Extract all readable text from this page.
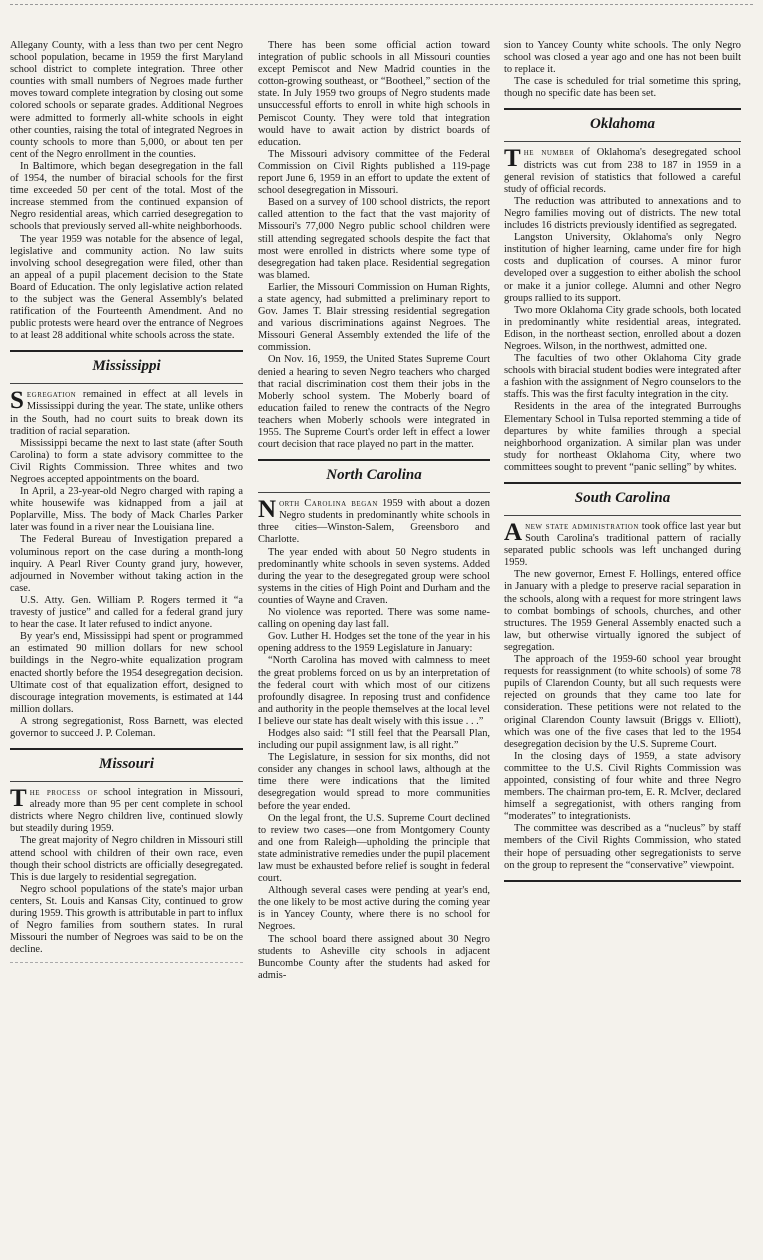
Allegany County, with a less than two per cent Negro school population, became in 1959 the first Maryland school district to complete integration. Three other counties with small numbers of Negroes made further moves toward complete integration by closing out some colored schools or separate grades. Additional Negroes were admitted to formerly all-white schools in eight other counties, raising the total of integrated Negroes in county schools to more than 5,000, or about ten per cent of the Negro enrollment in the counties.

In Baltimore, which began desegregation in the fall of 1954, the number of biracial schools for the first time exceeded 50 per cent of the total. Most of the increase stemmed from the continued expansion of Negro residential areas, which carried desegregation to schools that previously served all-white neighborhoods.

The year 1959 was notable for the absence of legal, legislative and community action. No law suits involving school desegregation were filed, other than an appeal of a pupil placement decision to the State Board of Education. The only legislative action related to the subject was the General Assembly's belated ratification of the Fourteenth Amendment. And no public protests were heard over the entrance of Negroes to at least 28 additional white schools across the state.

Mississippi

Segregation remained in effect at all levels in Mississippi during the year. The state, unlike others in the South, had no court suits to break down its tradition of racial separation.

Mississippi became the next to last state (after South Carolina) to form a state advisory committee to the Civil Rights Commission. Three whites and two Negroes accepted appointments on the board.

In April, a 23-year-old Negro charged with raping a white housewife was kidnapped from a jail at Poplarville, Miss. The body of Mack Charles Parker later was found in a river near the Louisiana line.

The Federal Bureau of Investigation prepared a voluminous report on the case during a month-long inquiry. A Pearl River County grand jury, however, adjourned in November without taking action in the case.

U.S. Atty. Gen. William P. Rogers termed it “a travesty of justice” and called for a federal grand jury to hear the case. It later refused to indict anyone.

By year's end, Mississippi had spent or programmed an estimated 90 million dollars for new school buildings in the Negro-white equalization program enacted shortly before the 1954 desegregation decision. Ultimate cost of that equalization effort, designed to discourage integration movements, is estimated at 144 million dollars.

A strong segregationist, Ross Barnett, was elected governor to succeed J. P. Coleman.

Missouri

The process of school integration in Missouri, already more than 95 per cent complete in school districts where Negro children live, continued slowly but steadily during 1959.

The great majority of Negro children in Missouri still attend school with children of their own race, even though their school districts are officially desegregated. This is due largely to residential segregation.

Negro school populations of the state's major urban centers, St. Louis and Kansas City, continued to grow during 1959. This growth is attributable in part to influx of Negro families from southern states. In rural Missouri the number of Negroes was said to be on the decline.

There has been some official action toward integration of public schools in all Missouri counties except Pemiscot and New Madrid counties in the cotton-growing southeast, or “Bootheel,” section of the state. In July 1959 two groups of Negro students made unsuccessful efforts to enroll in white high schools in Pemiscot County. They were told that integration would have to await action by district boards of education.

The Missouri advisory committee of the Federal Commission on Civil Rights published a 119-page report June 6, 1959 in an effort to update the extent of school desegregation in Missouri.

Based on a survey of 100 school districts, the report called attention to the fact that the vast majority of Missouri's 77,000 Negro public school children were still attending segregated schools despite the fact that most were enrolled in districts where some type of desegregation had taken place. Residential segregation was blamed.

Earlier, the Missouri Commission on Human Rights, a state agency, had submitted a preliminary report to Gov. James T. Blair stressing residential segregation and various discriminations against Negroes. The Missouri General Assembly extended the life of the commission.

On Nov. 16, 1959, the United States Supreme Court denied a hearing to seven Negro teachers who charged that racial discrimination cost them their jobs in the Moberly school system. The Moberly board of education failed to renew the contracts of the Negro teachers when Moberly schools were integrated in 1955. The Supreme Court's order left in effect a lower court decision that race played no part in the matter.

North Carolina

North Carolina began 1959 with about a dozen Negro students in predominantly white schools in three cities—Winston-Salem, Greensboro and Charlotte.

The year ended with about 50 Negro students in predominantly white schools in seven systems. Added during the year to the desegregated group were school systems in the cities of High Point and Durham and the counties of Wayne and Craven.

No violence was reported. There was some name-calling on opening day last fall.

Gov. Luther H. Hodges set the tone of the year in his opening address to the 1959 Legislature in January:

“North Carolina has moved with calmness to meet the great problems forced on us by an interpretation of the federal court with which most of our citizens profoundly disagree. In reposing trust and confidence and authority in the people themselves at the local level I believe our state has dealt wisely with this issue . . .”

Hodges also said: “I still feel that the Pearsall Plan, including our pupil assignment law, is all right.”

The Legislature, in session for six months, did not consider any changes in school laws, although at the time there were indications that the limited desegregation would spread to more communities before the year ended.

On the legal front, the U.S. Supreme Court declined to review two cases—one from Montgomery County and one from Raleigh—upholding the principle that state administrative remedies under the pupil placement law must be exhausted before relief is sought in federal court.

Although several cases were pending at year's end, the one likely to be most active during the coming year is in Yancey County, where there is no school for Negroes.

The school board there assigned about 30 Negro students to Asheville city schools in adjacent Buncombe County after the students had asked for admis-

sion to Yancey County white schools. The only Negro school was closed a year ago and one has not been built to replace it.

The case is scheduled for trial sometime this spring, though no specific date has been set.

Oklahoma

The number of Oklahoma's desegregated school districts was cut from 238 to 187 in 1959 in a general revision of statistics that followed a careful study of official records.

The reduction was attributed to annexations and to Negro families moving out of districts. The new total includes 16 districts previously identified as segregated.

Langston University, Oklahoma's only Negro institution of higher learning, came under fire for high costs and duplication of courses. A minor furor developed over a suggestion to either abolish the school or make it a junior college. Alumni and other Negro groups rallied to its support.

Two more Oklahoma City grade schools, both located in predominantly white residential areas, integrated. Edison, in the northeast section, enrolled about a dozen Negroes. Wilson, in the northwest, admitted one.

The faculties of two other Oklahoma City grade schools with biracial student bodies were integrated after a fashion with the assignment of Negro counselors to the staffs. This was the first faculty integration in the city.

Residents in the area of the integrated Burroughs Elementary School in Tulsa reported stemming a tide of departures by white families through a special neighborhood organization. A similar plan was under study for northeast Oklahoma City, where two committees sought to prevent “panic selling” by whites.

South Carolina

Anew state administration took office last year but South Carolina's traditional pattern of racially separated public schools was left unchanged during 1959.

The new governor, Ernest F. Hollings, entered office in January with a pledge to preserve racial separation in the schools, along with a request for more stringent laws to combat bombings of schools, churches, and other structures. The 1959 General Assembly enacted such a law, but otherwise virtually ignored the subject of segregation.

The approach of the 1959-60 school year brought requests for reassignment (to white schools) of some 78 pupils of Clarendon County, but all such requests were rejected on grounds that they came too late for consideration. These petitions were not related to the original Clarendon County lawsuit (Briggs v. Elliott), which was one of the five cases that led to the 1954 desegregation decision by the U.S. Supreme Court.

In the closing days of 1959, a state advisory committee to the U.S. Civil Rights Commission was appointed, consisting of four white and three Negro members. The chairman pro-tem, E. R. McIver, declared himself a segregationist, with others ranging from “moderates” to integrationists.

The committee was described as a “nucleus” by staff members of the Civil Rights Commission, who stated their hope of persuading other segregationists to serve on the group to represent the “conservative” viewpoint.
